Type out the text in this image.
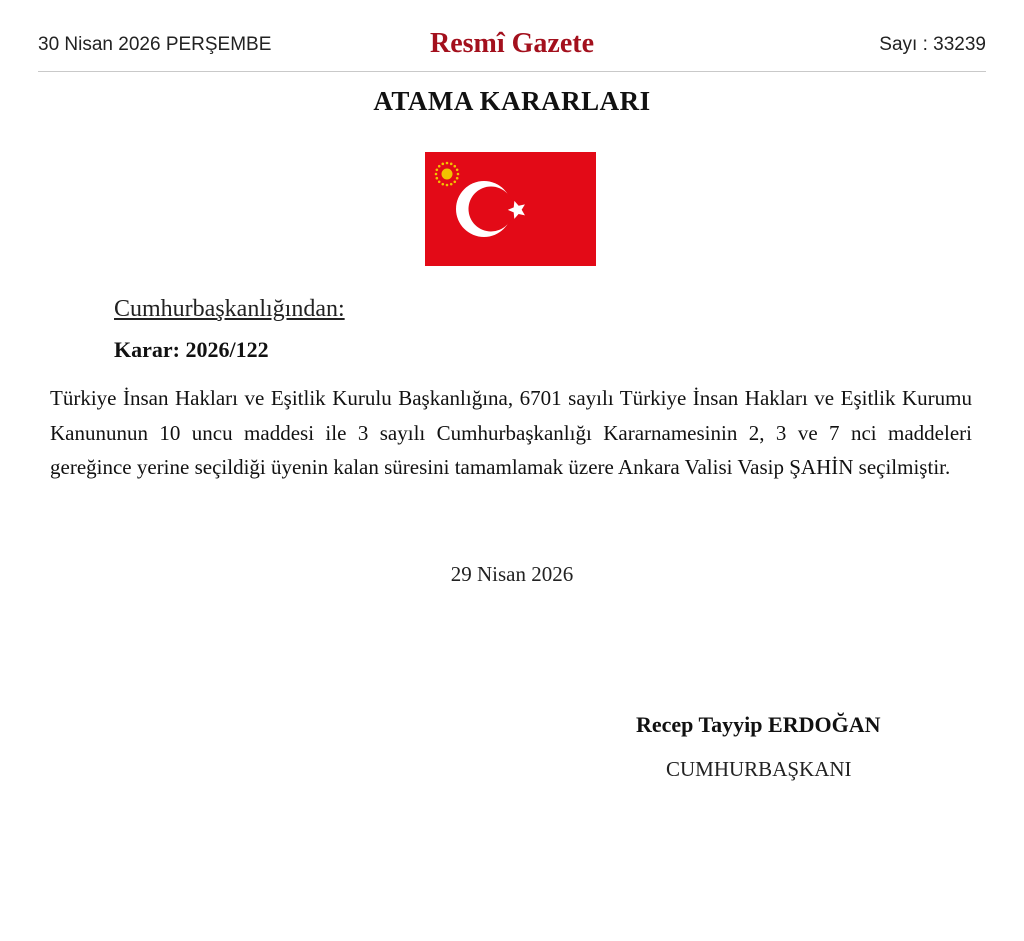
30 Nisan 2026 PERŞEMBE	Resmî Gazete	Sayı : 33239
ATAMA KARARLARI
Cumhurbaşkanlığından:
Karar: 2026/122

Türkiye İnsan Hakları ve Eşitlik Kurulu Başkanlığına, 6701 sayılı Türkiye İnsan Hakları ve Eşitlik Kurumu Kanununun 10 uncu maddesi ile 3 sayılı Cumhurbaşkanlığı Kararnamesinin 2, 3 ve 7 nci maddeleri gereğince yerine seçildiği üyenin kalan süresini tamamlamak üzere Ankara Valisi Vasip ŞAHİN seçilmiştir.

29 Nisan 2026
Recep Tayyip ERDOĞAN
CUMHURBAŞKANI
